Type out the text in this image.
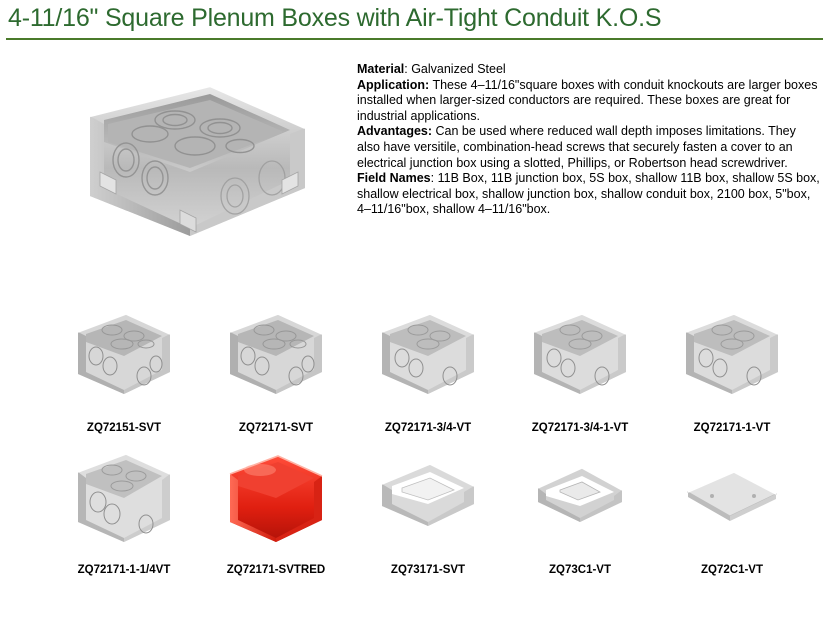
4-11/16" Square Plenum Boxes with Air-Tight Conduit K.O.S

Material: Galvanized Steel

Application: These 4–11/16"square boxes with conduit knockouts are larger boxes installed when larger-sized conductors are required. These boxes are great for industrial applications.

Advantages: Can be used where reduced wall depth imposes limitations. They also have versitile, combination-head screws that securely fasten a cover to an electrical junction box using a slotted, Phillips, or Robertson head screwdriver.

Field Names: 11B Box, 11B junction box, 5S box, shallow 11B box, shallow 5S box, shallow electrical box, shallow junction box, shallow conduit box, 2100 box, 5"box, 4–11/16"box, shallow 4–11/16"box.

ZQ72151-SVT	ZQ72171-SVT	ZQ72171-3/4-VT	ZQ72171-3/4-1-VT	ZQ72171-1-VT
ZQ72171-1-1/4VT	ZQ72171-SVTRED	ZQ73171-SVT	ZQ73C1-VT	ZQ72C1-VT
